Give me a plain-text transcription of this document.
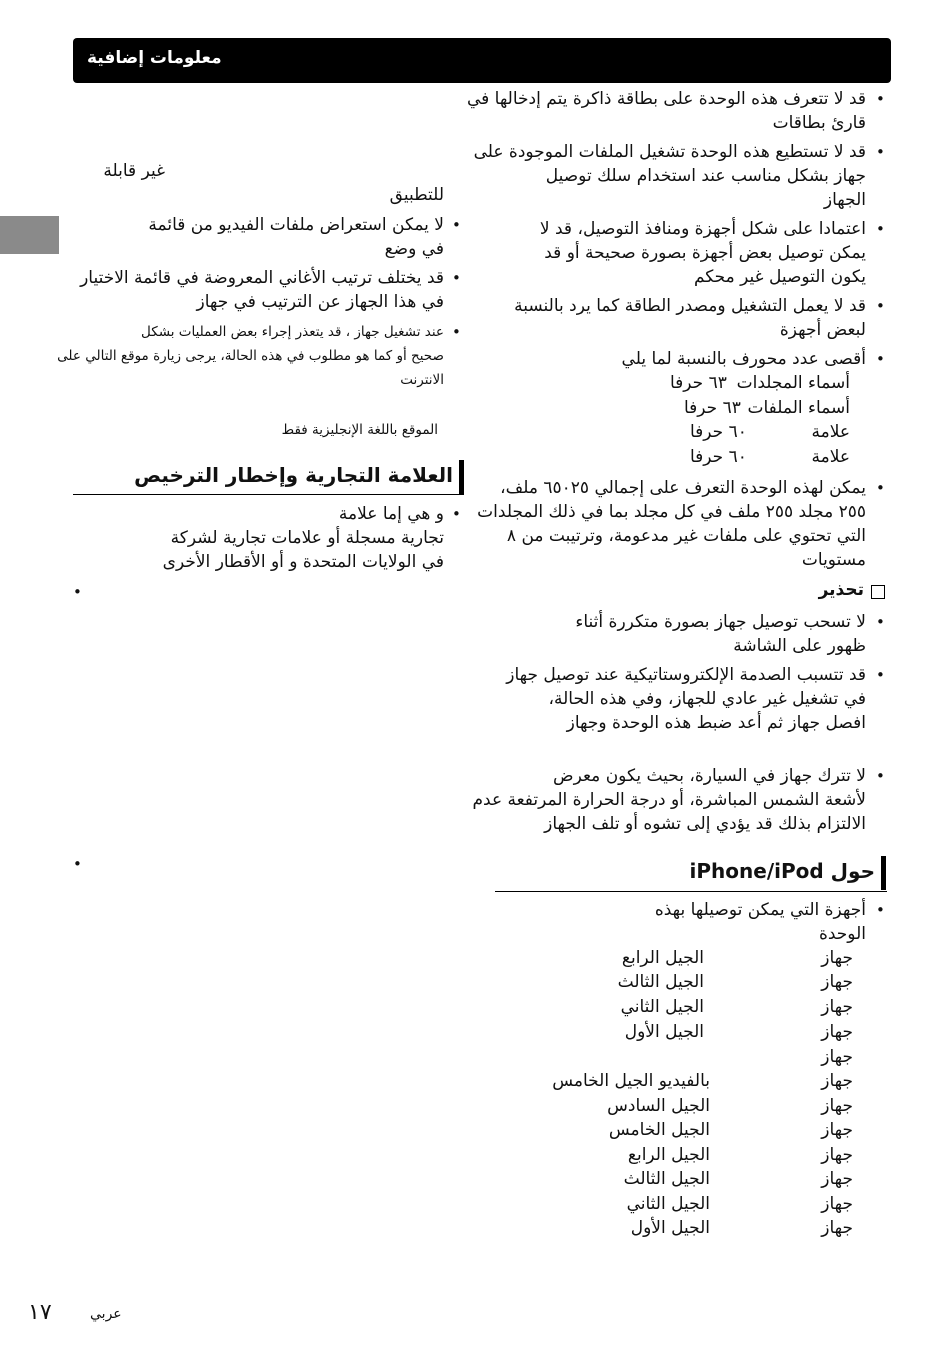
معلومات إضافية
•
قد لا تتعرف هذه الوحدة على بطاقة ذاكرة يتم إدخالها في
قارئ بطاقات
•
قد لا تستطيع هذه الوحدة تشغيل الملفات الموجودة على
جهاز بشكل مناسب عند استخدام سلك توصيل
الجهاز
•
اعتمادا على شكل أجهزة ومنافذ التوصيل، قد لا
يمكن توصيل بعض أجهزة بصورة صحيحة أو قد
يكون التوصيل غير محكم
•
قد لا يعمل التشغيل ومصدر الطاقة كما يرد بالنسبة
لبعض أجهزة
•
أقصى عدد محورف بالنسبة لما يلي
أسماء المجلدات
٦٣ حرفا
أسماء الملفات
٦٣ حرفا
علامة
٦٠ حرفا
علامة
٦٠ حرفا
•
يمكن لهذه الوحدة التعرف على إجمالي ٦٥٠٢٥ ملف،
٢٥٥ مجلد ٢٥٥ ملف في كل مجلد بما في ذلك المجلدات
التي تحتوي على ملفات غير مدعومة، وترتيبت من ٨
مستويات
تحذير
•
لا تسحب توصيل جهاز بصورة متكررة أثناء
ظهور على الشاشة
•
قد تتسبب الصدمة الإلكتروستاتيكية عند توصيل جهاز
في تشغيل غير عادي للجهاز، وفي هذه الحالة،
افصل جهاز ثم أعد ضبط هذه الوحدة وجهاز
•
لا تترك جهاز في السيارة، بحيث يكون معرض
لأشعة الشمس المباشرة، أو درجة الحرارة المرتفعة عدم
الالتزام بذلك قد يؤدي إلى تشوه أو تلف الجهاز
حول iPhone/iPod
•
أجهزة التي يمكن توصيلها بهذه
الوحدة
جهاز
الجيل الرابع
جهاز
الجيل الثالث
جهاز
الجيل الثاني
جهاز
الجيل الأول
جهاز
جهاز
بالفيديو الجيل الخامس
جهاز
الجيل السادس
جهاز
الجيل الخامس
جهاز
الجيل الرابع
جهاز
الجيل الثالث
جهاز
الجيل الثاني
جهاز
الجيل الأول
غير قابلة
للتطبيق
•
لا يمكن استعراض ملفات الفيديو من قائمة
في وضع
•
قد يختلف ترتيب الأغاني المعروضة في قائمة الاختيار
في هذا الجهاز عن الترتيب في جهاز
•
عند تشغيل جهاز ، قد يتعذر إجراء بعض العمليات بشكل
صحيح أو كما هو مطلوب في هذه الحالة، يرجى زيارة موقع التالي على
الانترنت
الموقع باللغة الإنجليزية فقط
العلامة التجارية وإخطار الترخيص
•
و هي إما علامة
تجارية مسجلة أو علامات تجارية لشركة
في الولايات المتحدة و أو الأقطار الأخرى
•
•
عربي
١٧
